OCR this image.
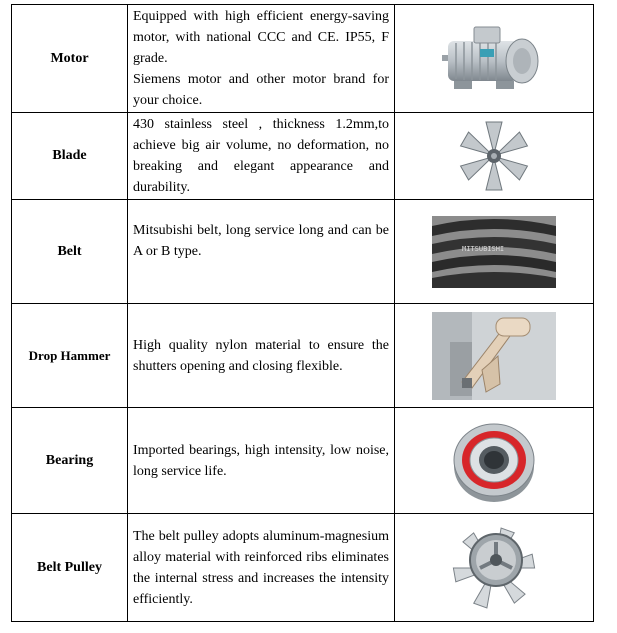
Motor	Equipped with high efficient energy-saving motor, with national CCC and CE. IP55, F grade.
Siemens motor and other motor brand for your choice.

Blade	430 stainless steel , thickness 1.2mm,to achieve big air volume, no deformation, no breaking and elegant appearance and durability.

Belt	Mitsubishi belt, long service long and can be A or B type.	MITSUBISHI

Drop Hammer	High quality nylon material to ensure the shutters opening and closing flexible.

Bearing	Imported bearings, high intensity, low noise, long service life.

Belt Pulley	The belt pulley adopts aluminum-magnesium alloy material with reinforced ribs eliminates the internal stress and increases the intensity efficiently.
